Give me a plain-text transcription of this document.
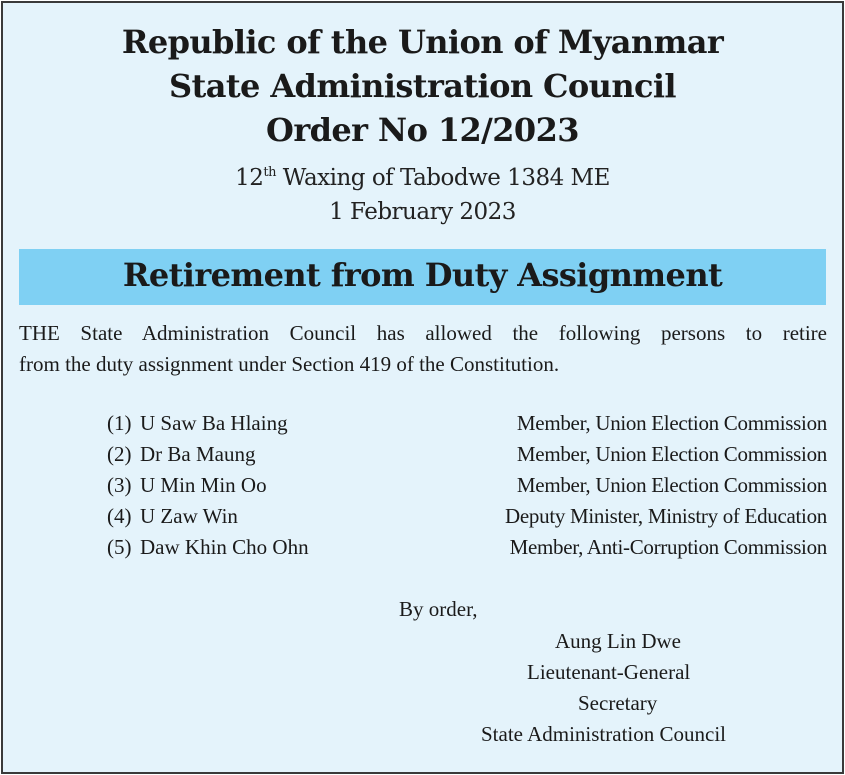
Republic of the Union of Myanmar
State Administration Council
Order No 12/2023
12th Waxing of Tabodwe 1384 ME
1 February 2023
Retirement from Duty Assignment
THE State Administration Council has allowed the following persons to retire
from the duty assignment under Section 419 of the Constitution.
(1) U Saw Ba Hlaing	Member, Union Election Commission
(2) Dr Ba Maung	Member, Union Election Commission
(3) U Min Min Oo	Member, Union Election Commission
(4) U Zaw Win	Deputy Minister, Ministry of Education
(5) Daw Khin Cho Ohn	Member, Anti-Corruption Commission
By order,
Aung Lin Dwe
Lieutenant-General
Secretary
State Administration Council
